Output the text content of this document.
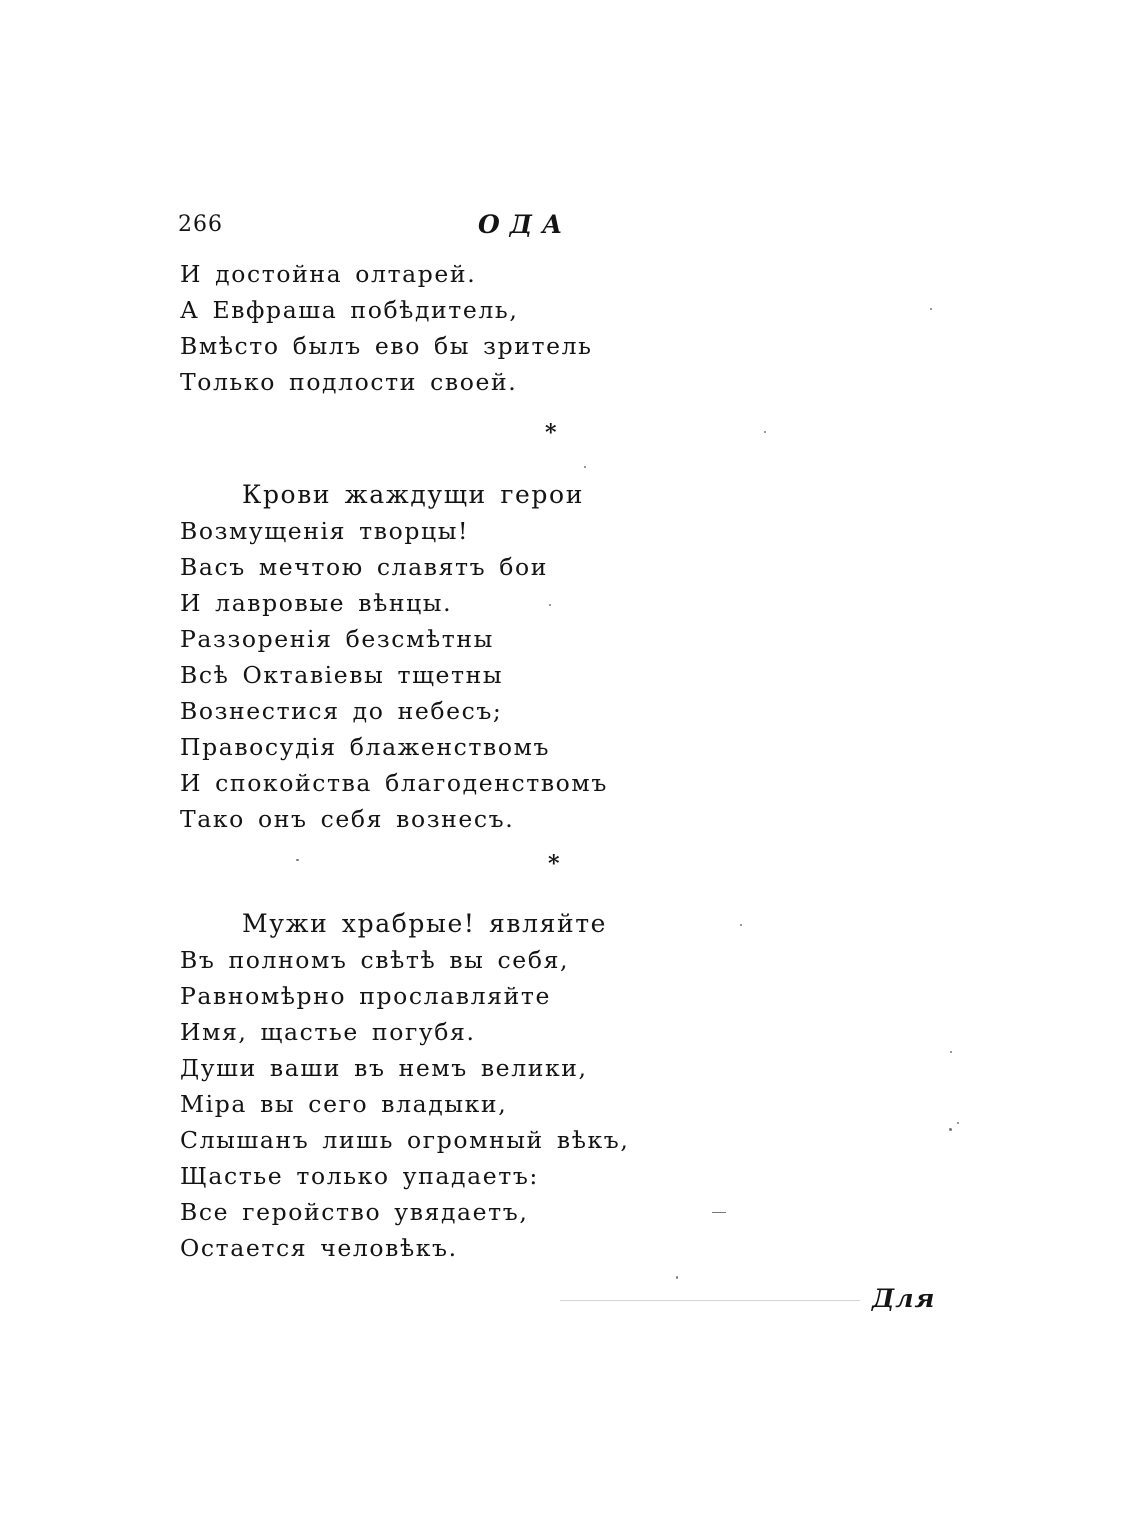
266	ОДА
И достойна олтарей.
А Евфраша побѣдитель,
Вмѣсто былъ ево бы зритель
Только подлости своей.
*
Крови жаждущи герои
Возмущенія творцы!
Васъ мечтою славятъ бои
И лавровые вѣнцы.
Раззоренія безсмѣтны
Всѣ Октавіевы тщетны
Вознестися до небесъ;
Правосудія блаженствомъ
И спокойства благоденствомъ
Тако онъ себя вознесъ.
*
Мужи храбрые! являйте
Въ полномъ свѣтѣ вы себя,
Равномѣрно прославляйте
Имя, щастье погубя.
Души ваши въ немъ велики,
Міра вы сего владыки,
Слышанъ лишь огромный вѣкъ,
Щастье только упадаетъ:
Все геройство увядаетъ,
Остается человѣкъ.
Для
